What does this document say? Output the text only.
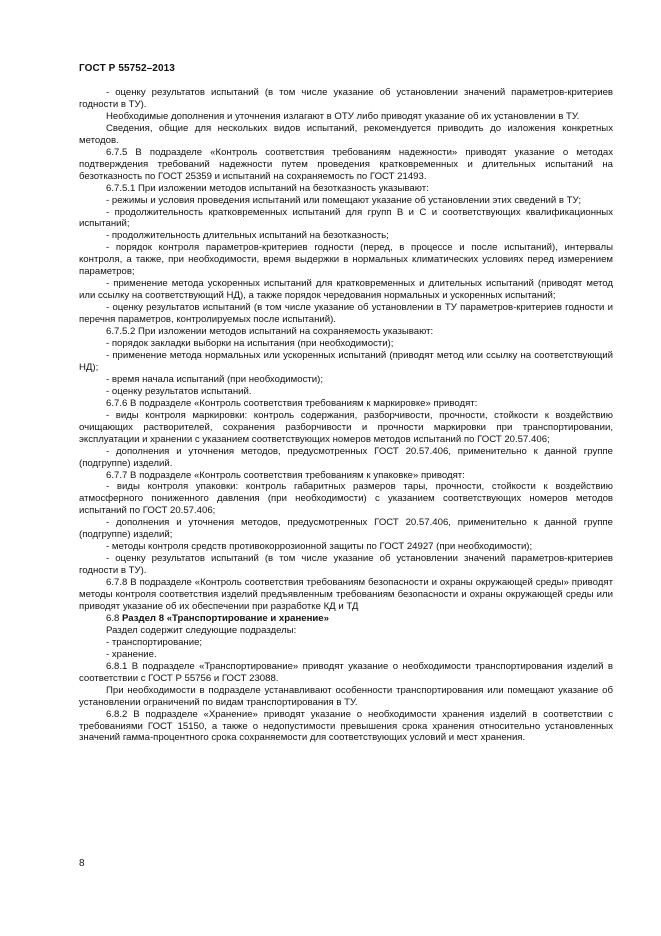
ГОСТ Р 55752–2013

- оценку результатов испытаний (в том числе указание об установлении значений параметров-критериев годности в ТУ).

Необходимые дополнения и уточнения излагают в ОТУ либо приводят указание об их установлении в ТУ.

Сведения, общие для нескольких видов испытаний, рекомендуется приводить до изложения конкретных методов.

6.7.5 В подразделе «Контроль соответствия требованиям надежности» приводят указание о методах подтверждения требований надежности путем проведения кратковременных и длительных испытаний на безотказность по ГОСТ 25359 и испытаний на сохраняемость по ГОСТ 21493.

6.7.5.1 При изложении методов испытаний на безотказность указывают:

- режимы и условия проведения испытаний или помещают указание об установлении этих сведений в ТУ;

- продолжительность кратковременных испытаний для групп В и С и соответствующих квалификационных испытаний;

- продолжительность длительных испытаний на безотказность;

- порядок контроля параметров-критериев годности (перед, в процессе и после испытаний), интервалы контроля, а также, при необходимости, время выдержки в нормальных климатических условиях перед измерением параметров;

- применение метода ускоренных испытаний для кратковременных и длительных испытаний (приводят метод или ссылку на соответствующий НД), а также порядок чередования нормальных и ускоренных испытаний;

- оценку результатов испытаний (в том числе указание об установлении в ТУ параметров-критериев годности и перечня параметров, контролируемых после испытаний).

6.7.5.2 При изложении методов испытаний на сохраняемость указывают:

- порядок закладки выборки на испытания (при необходимости);

- применение метода нормальных или ускоренных испытаний (приводят метод или ссылку на соответствующий НД);

- время начала испытаний (при необходимости);

- оценку результатов испытаний.

6.7.6 В подразделе «Контроль соответствия требованиям к маркировке» приводят:

- виды контроля маркировки: контроль содержания, разборчивости, прочности, стойкости к воздействию очищающих растворителей, сохранения разборчивости и прочности маркировки при транспортировании, эксплуатации и хранении с указанием соответствующих номеров методов испытаний по ГОСТ 20.57.406;

- дополнения и уточнения методов, предусмотренных ГОСТ 20.57.406, применительно к данной группе (подгруппе) изделий.

6.7.7 В подразделе «Контроль соответствия требованиям к упаковке» приводят:

- виды контроля упаковки: контроль габаритных размеров тары, прочности, стойкости к воздействию атмосферного пониженного давления (при необходимости) с указанием соответствующих номеров методов испытаний по ГОСТ 20.57.406;

- дополнения и уточнения методов, предусмотренных ГОСТ 20.57.406, применительно к данной группе (подгруппе) изделий;

- методы контроля средств противокоррозионной защиты по ГОСТ 24927 (при необходимости);

- оценку результатов испытаний (в том числе указание об установлении значений параметров-критериев годности в ТУ).

6.7.8 В подразделе «Контроль соответствия требованиям безопасности и охраны окружающей среды» приводят методы контроля соответствия изделий предъявленным требованиям безопасности и охраны окружающей среды или приводят указание об их обеспечении при разработке КД и ТД

6.8 Раздел 8 «Транспортирование и хранение»

Раздел содержит следующие подразделы:

- транспортирование;

- хранение.

6.8.1 В подразделе «Транспортирование» приводят указание о необходимости транспортирования изделий в соответствии с ГОСТ Р 55756 и ГОСТ 23088.

При необходимости в подразделе устанавливают особенности транспортирования или помещают указание об установлении ограничений по видам транспортирования в ТУ.

6.8.2 В подразделе «Хранение» приводят указание о необходимости хранения изделий в соответствии с требованиями ГОСТ 15150, а также о недопустимости превышения срока хранения относительно установленных значений гамма-процентного срока сохраняемости для соответствующих условий и мест хранения.

8
